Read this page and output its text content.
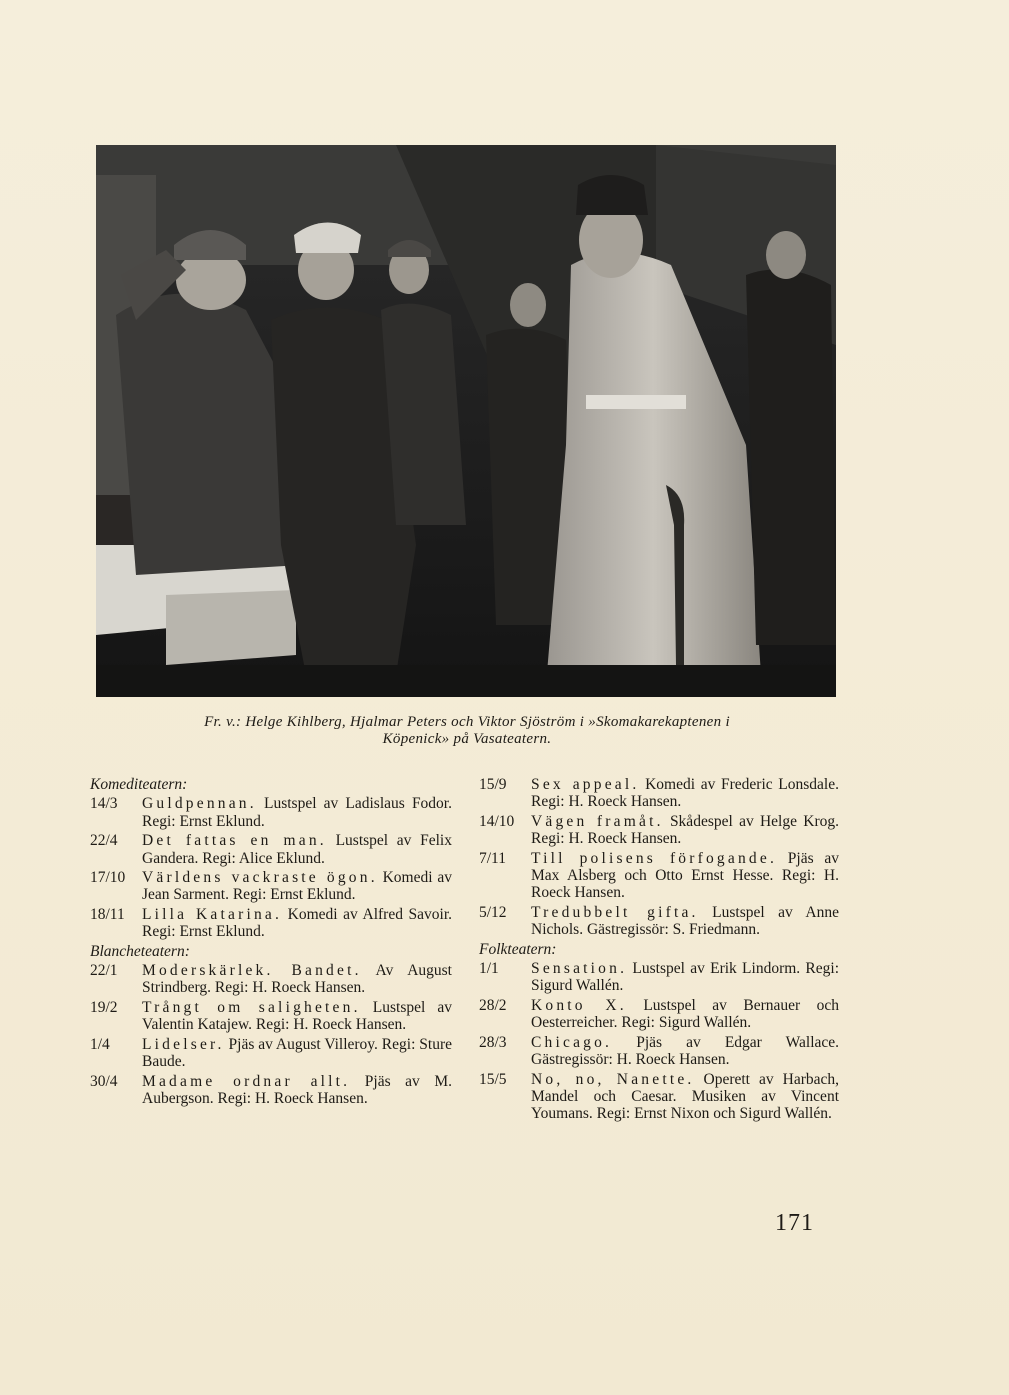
Fr. v.: Helge Kihlberg, Hjalmar Peters och Viktor Sjöström i »Skomakarekaptenen i
Köpenick» på Vasateatern.
Komediteatern:
14/3	Guldpennan. Lustspel av Ladislaus Fodor. Regi: Ernst Eklund.
22/4	Det fattas en man. Lustspel av Felix Gandera. Regi: Alice Eklund.
17/10	Världens vackraste ögon. Komedi av Jean Sarment. Regi: Ernst Eklund.
18/11	Lilla Katarina. Komedi av Alfred Savoir. Regi: Ernst Eklund.
Blancheteatern:
22/1	Moderskärlek. Bandet. Av August Strindberg. Regi: H. Roeck Hansen.
19/2	Trångt om saligheten. Lustspel av Valentin Katajew. Regi: H. Roeck Hansen.
1/4	Lidelser. Pjäs av August Villeroy. Regi: Sture Baude.
30/4	Madame ordnar allt. Pjäs av M. Aubergson. Regi: H. Roeck Hansen.
15/9	Sex appeal. Komedi av Frederic Lonsdale. Regi: H. Roeck Hansen.
14/10	Vägen framåt. Skådespel av Helge Krog. Regi: H. Roeck Hansen.
7/11	Till polisens förfogande. Pjäs av Max Alsberg och Otto Ernst Hesse. Regi: H. Roeck Hansen.
5/12	Tredubbelt gifta. Lustspel av Anne Nichols. Gästregissör: S. Friedmann.
Folkteatern:
1/1	Sensation. Lustspel av Erik Lindorm. Regi: Sigurd Wallén.
28/2	Konto X. Lustspel av Bernauer och Oesterreicher. Regi: Sigurd Wallén.
28/3	Chicago. Pjäs av Edgar Wallace. Gästregissör: H. Roeck Hansen.
15/5	No, no, Nanette. Operett av Harbach, Mandel och Caesar. Musiken av Vincent Youmans. Regi: Ernst Nixon och Sigurd Wallén.
171
